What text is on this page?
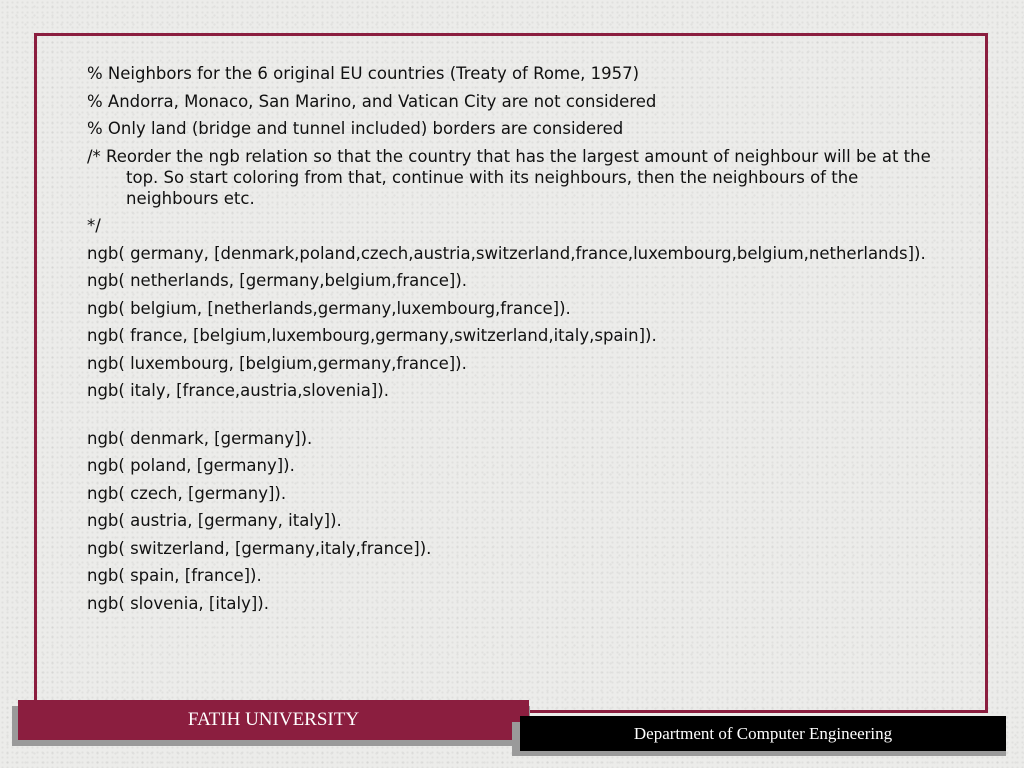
% Neighbors for the 6 original EU countries (Treaty of Rome, 1957)
% Andorra, Monaco, San Marino, and Vatican City are not considered
% Only land (bridge and tunnel included) borders are considered
/* Reorder the ngb relation so that the country that has the largest amount of neighbour will be at the top. So start coloring from that, continue with its neighbours, then the neighbours of the neighbours etc.
*/
ngb( germany, [denmark,poland,czech,austria,switzerland,france,luxembourg,belgium,netherlands]).
ngb( netherlands, [germany,belgium,france]).
ngb( belgium, [netherlands,germany,luxembourg,france]).
ngb( france, [belgium,luxembourg,germany,switzerland,italy,spain]).
ngb( luxembourg, [belgium,germany,france]).
ngb( italy, [france,austria,slovenia]).
ngb( denmark, [germany]).
ngb( poland, [germany]).
ngb( czech, [germany]).
ngb( austria, [germany, italy]).
ngb( switzerland, [germany,italy,france]).
ngb( spain, [france]).
ngb( slovenia, [italy]).
FATIH UNIVERSITY
Department of Computer Engineering
